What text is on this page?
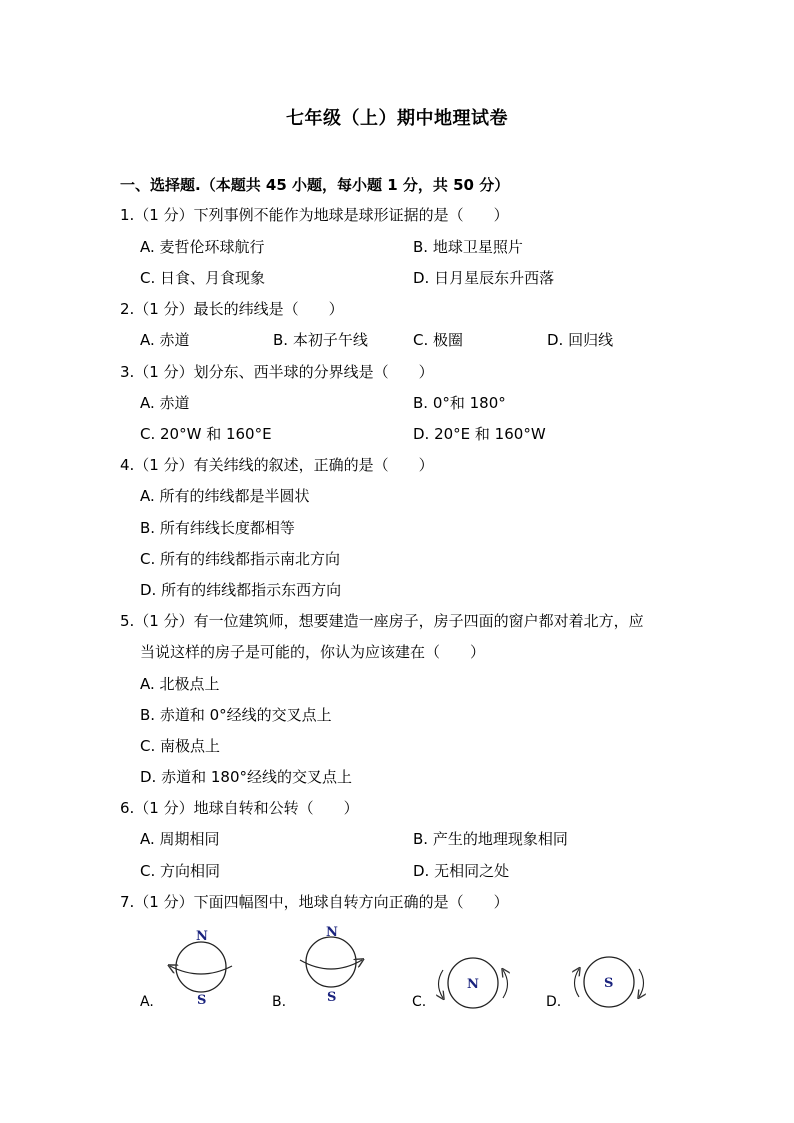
七年级（上）期中地理试卷
一、选择题.（本题共 45 小题，每小题 1 分，共 50 分）
1.（1 分）下列事例不能作为地球是球形证据的是（　　）
A. 麦哲伦环球航行	B. 地球卫星照片
C. 日食、月食现象	D. 日月星辰东升西落
2.（1 分）最长的纬线是（　　）
A. 赤道	B. 本初子午线	C. 极圈	D. 回归线
3.（1 分）划分东、西半球的分界线是（　　）
A. 赤道	B. 0°和 180°
C. 20°W 和 160°E	D. 20°E 和 160°W
4.（1 分）有关纬线的叙述，正确的是（　　）
A. 所有的纬线都是半圆状
B. 所有纬线长度都相等
C. 所有的纬线都指示南北方向
D. 所有的纬线都指示东西方向
5.（1 分）有一位建筑师，想要建造一座房子，房子四面的窗户都对着北方，应
当说这样的房子是可能的，你认为应该建在（　　）
A. 北极点上
B. 赤道和 0°经线的交叉点上
C. 南极点上
D. 赤道和 180°经线的交叉点上
6.（1 分）地球自转和公转（　　）
A. 周期相同	B. 产生的地理现象相同
C. 方向相同	D. 无相同之处
7.（1 分）下面四幅图中，地球自转方向正确的是（　　）
A.	B.	C.	D.
N
S
N
S
N	S
